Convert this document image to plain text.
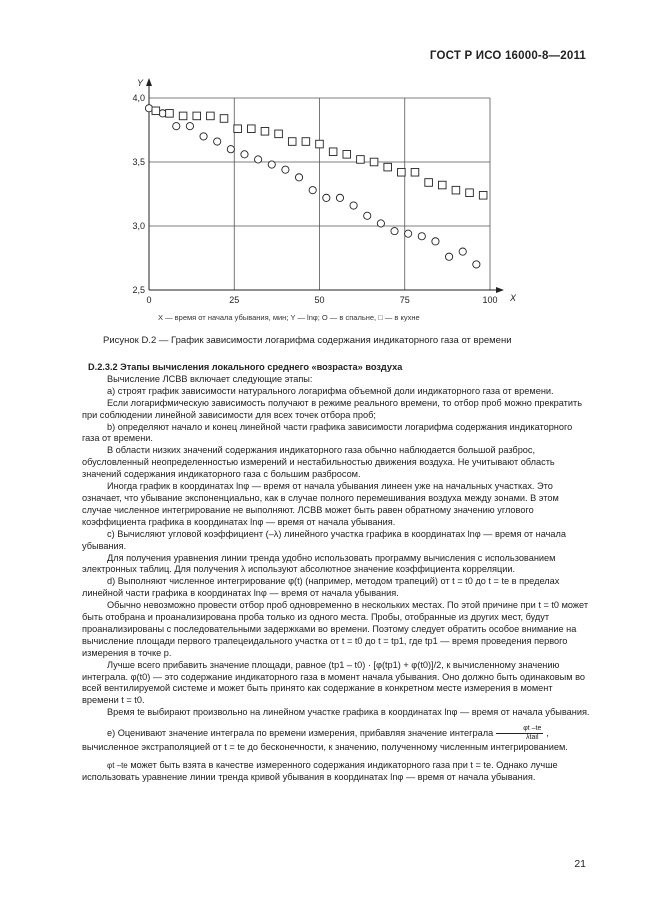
ГОСТ Р ИСО 16000-8—2011
0	25	50	75	100
2,5
3,0
3,5
4,0
Y
X
X — время от начала убывания, мин; Y — lnφ; O — в спальне, □ — в кухне
Рисунок D.2 — График зависимости логарифма содержания индикаторного газа от времени

D.2.3.2 Этапы вычисления локального среднего «возраста» воздуха

Вычисление ЛСВВ включает следующие этапы:

a) строят график зависимости натурального логарифма объемной доли индикаторного газа от времени.

Если логарифмическую зависимость получают в режиме реального времени, то отбор проб можно прекратить при соблюдении линейной зависимости для всех точек отбора проб;

b) определяют начало и конец линейной части графика зависимости логарифма содержания индикаторного газа от времени.

В области низких значений содержания индикаторного газа обычно наблюдается большой разброс, обусловленный неопределенностью измерений и нестабильностью движения воздуха. Не учитывают область значений содержания индикаторного газа с большим разбросом.

Иногда график в координатах lnφ — время от начала убывания линеен уже на начальных участках. Это означает, что убывание экспоненциально, как в случае полного перемешивания воздуха между зонами. В этом случае численное интегрирование не выполняют. ЛСВВ может быть равен обратному значению углового коэффициента графика в координатах lnφ — время от начала убывания.

c) Вычисляют угловой коэффициент (–λ) линейного участка графика в координатах lnφ — время от начала убывания.

Для получения уравнения линии тренда удобно использовать программу вычисления с использованием электронных таблиц. Для получения λ используют абсолютное значение коэффициента корреляции.

d) Выполняют численное интегрирование φ(t) (например, методом трапеций) от t = t0 до t = te в пределах линейной части графика в координатах lnφ — время от начала убывания.

Обычно невозможно провести отбор проб одновременно в нескольких местах. По этой причине при t = t0 может быть отобрана и проанализирована проба только из одного места. Пробы, отобранные из других мест, будут проанализированы с последовательными задержками во времени. Поэтому следует обратить особое внимание на вычисление площади первого трапецеидального участка от t = t0 до t = tp1, где tp1 — время проведения первого измерения в точке p.

Лучше всего прибавить значение площади, равное (tp1 – t0) · [φ(tp1) + φ(t0)]/2, к вычисленному значению интеграла. φ(t0) — это содержание индикаторного газа в момент начала убывания. Оно должно быть одинаковым во всей вентилируемой системе и может быть принято как содержание в конкретном месте измерения в момент времени t = t0.

Время te выбирают произвольно на линейном участке графика в координатах lnφ — время от начала убывания.

e) Оценивают значение интеграла по времени измерения, прибавляя значение интеграла $\frac{\varphi t -te}{\text{λtail}}$ , вычисленное экстраполяцией от t = te до бесконечности, к значению, полученному численным интегрированием.

φt –te может быть взята в качестве измеренного содержания индикаторного газа при t = te. Однако лучше использовать уравнение линии тренда кривой убывания в координатах lnφ — время от начала убывания.

21
